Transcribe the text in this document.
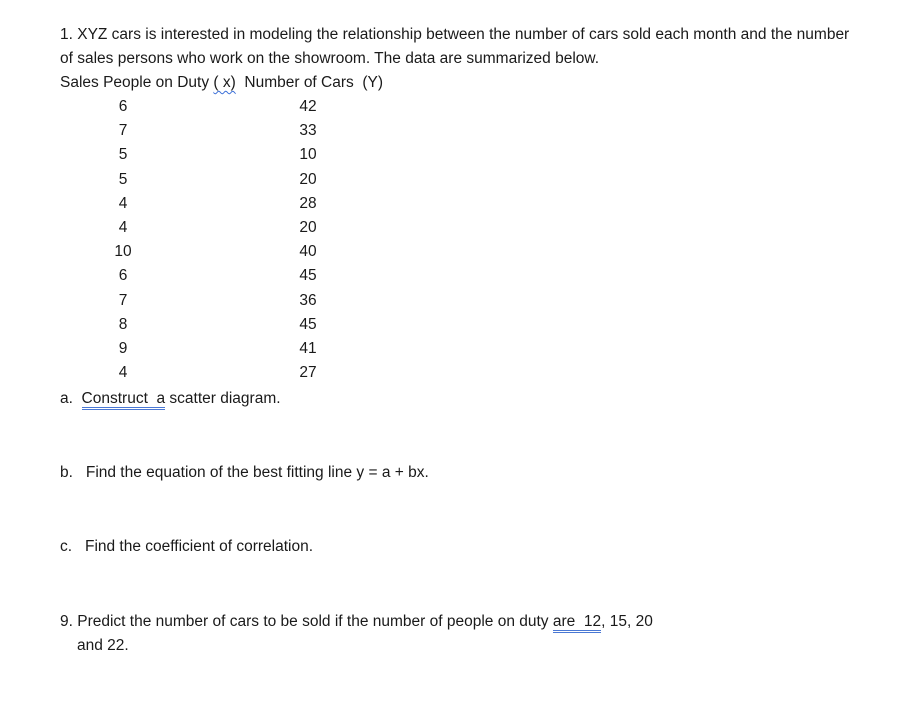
1. XYZ cars is interested in modeling the relationship between the number of cars sold each month and the number
of sales persons who work on the showroom. The data are summarized below.
Sales People on Duty ( x)  Number of Cars  (Y)
6	42
7	33
5	10
5	20
4	28
4	20
10	40
6	45
7	36
8	45
9	41
4	27
a.  Construct  a scatter diagram.
b.   Find the equation of the best fitting line y = a + bx.
c.   Find the coefficient of correlation.
9. Predict the number of cars to be sold if the number of people on duty are  12, 15, 20
and 22.
